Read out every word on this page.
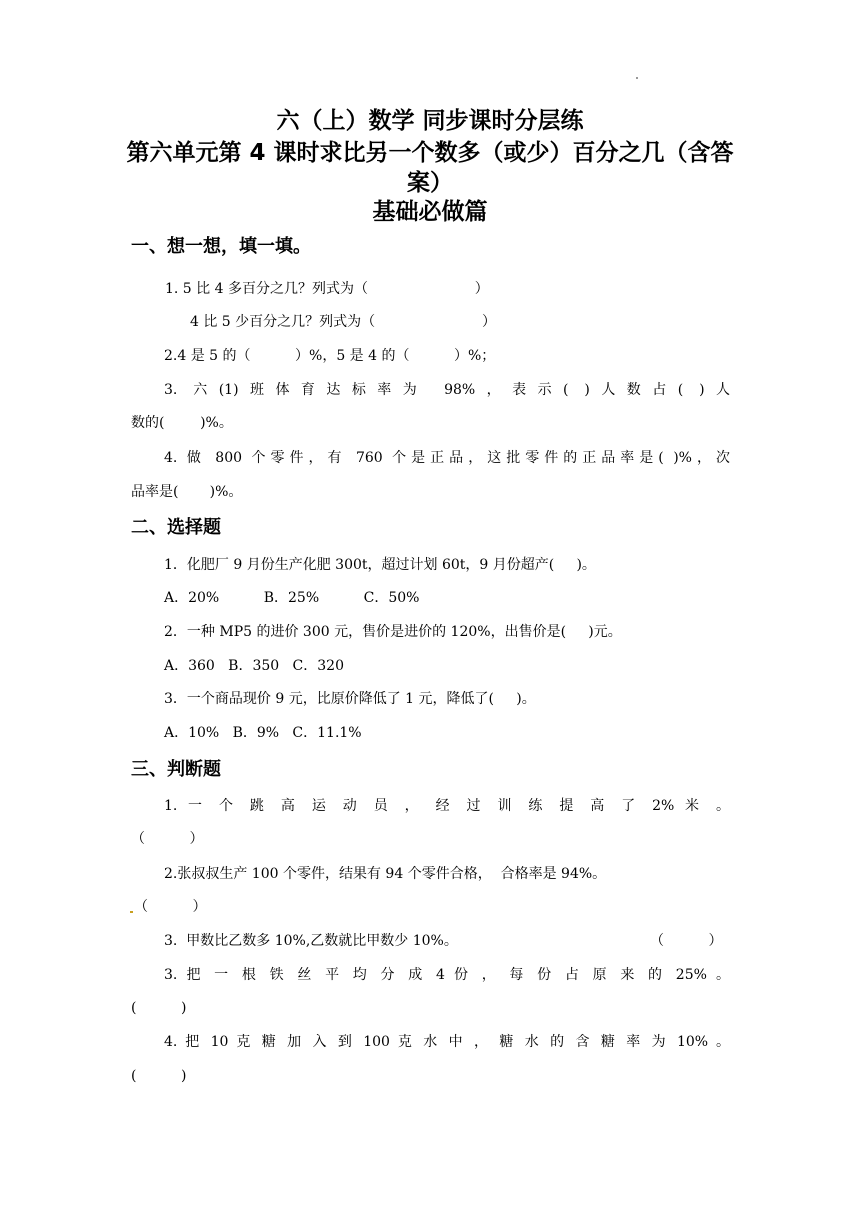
六（上）数学 同步课时分层练
第六单元第 4 课时求比另一个数多（或少）百分之几（含答案）
基础必做篇
一、想一想，填一填。
1. 5 比 4 多百分之几？列式为（                        ）
4 比 5 少百分之几？列式为（                        ）
2.4 是 5 的（          ）%，5 是 4 的（          ）%；
3. 六(1)班体育达标率为 98%，表示( )人数占( )人
数的(        )%。
4. 做 800 个零件，有 760 个是正品，这批零件的正品率是( )%，次
品率是(       )%。
二、选择题
1．化肥厂 9 月份生产化肥 300t，超过计划 60t，9 月份超产(     )。
A．20%          B．25%          C．50%
2．一种 MP5 的进价 300 元，售价是进价的 120%，出售价是(     )元。
A．360   B．350   C．320
3．一个商品现价 9 元，比原价降低了 1 元，降低了(     )。
A．10%   B．9%   C．11.1%
三、判断题
1. 一 个 跳 高 运 动 员 ， 经 过 训 练 提 高 了 2% 米 。
（          ）
2.张叔叔生产 100 个零件，结果有 94 个零件合格，  合格率是 94%。
（          ）
3.  甲数比乙数多 10%,乙数就比甲数少 10%。	（          ）
3. 把 一 根 铁 丝 平 均 分 成 4 份 ， 每 份 占 原 来 的 25% 。
(          )
4. 把 10 克 糖 加 入 到 100 克 水 中 ， 糖 水 的 含 糖 率 为 10% 。
(          )
